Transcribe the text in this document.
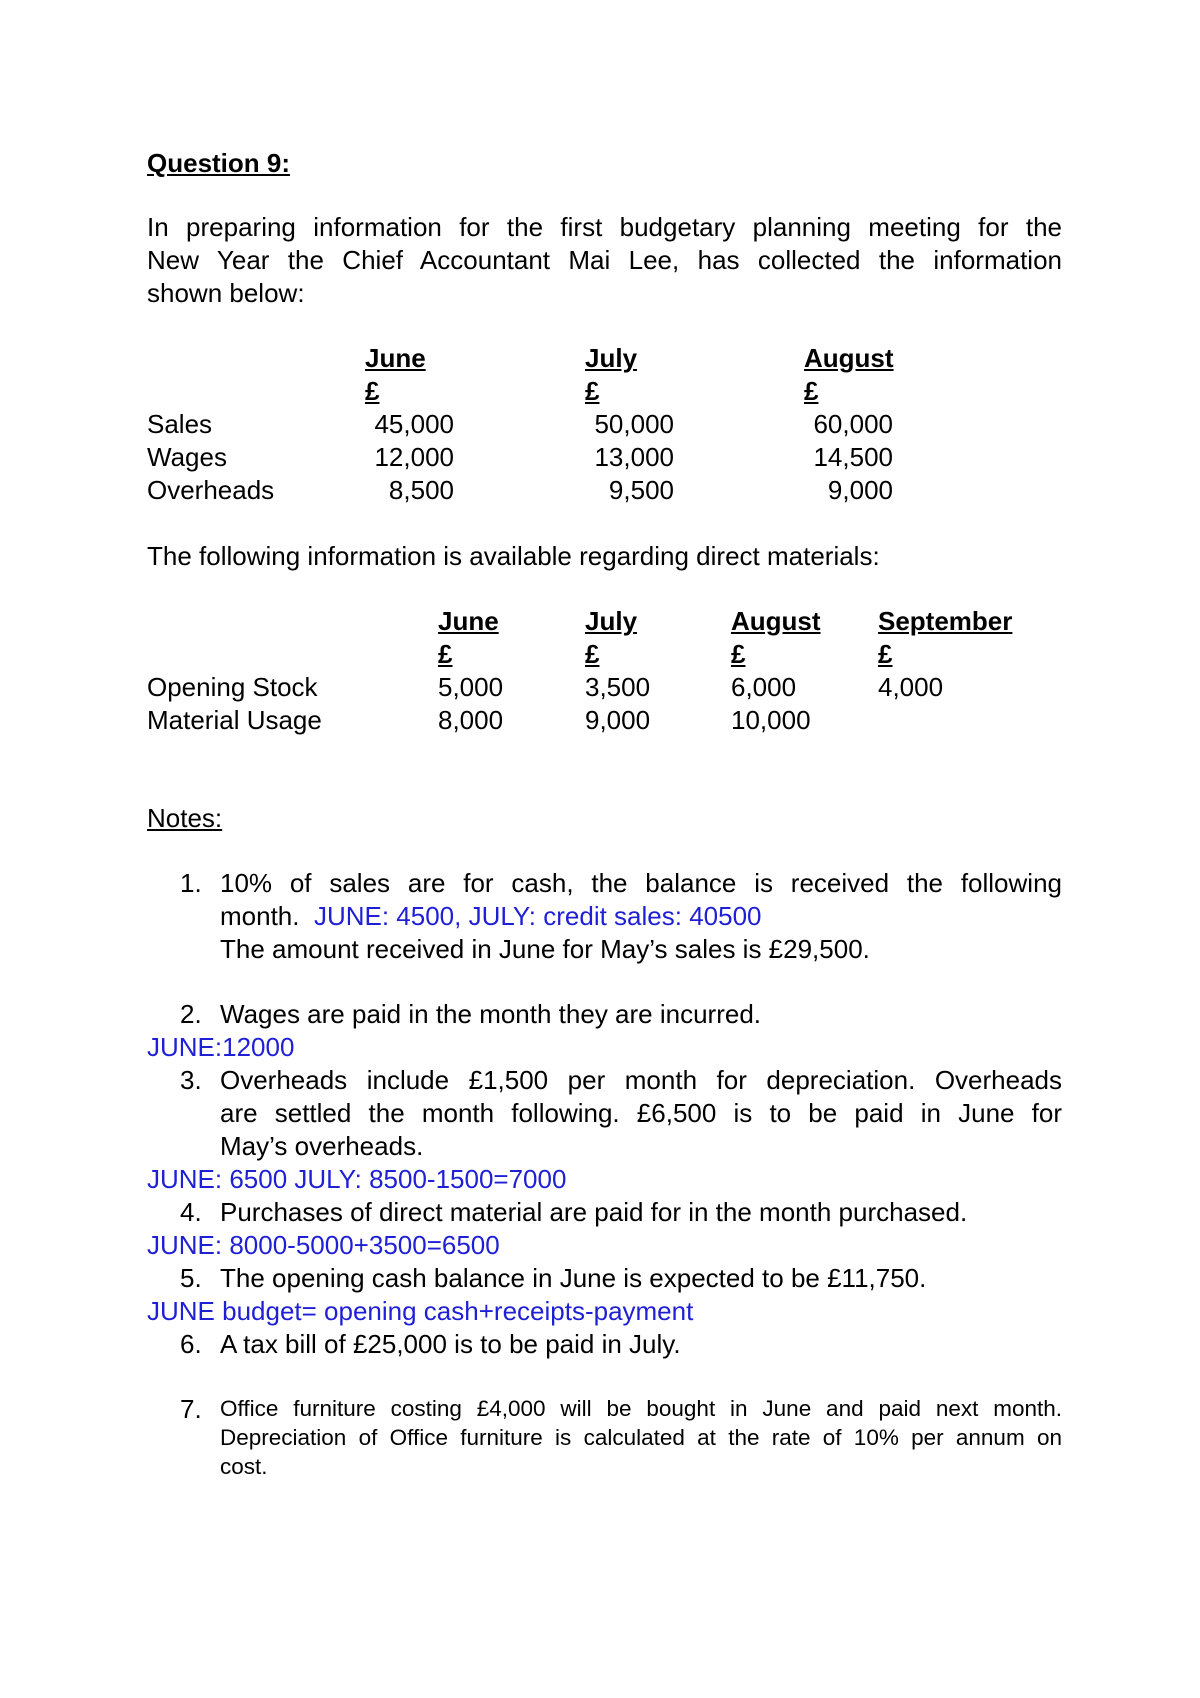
Question 9:
In preparing information for the first budgetary planning meeting for the
New Year the Chief Accountant Mai Lee, has collected the information
shown below:
June	July	August
£	£	£
Sales	45,000	50,000	60,000
Wages	12,000	13,000	14,500
Overheads	8,500	9,500	9,000
The following information is available regarding direct materials:
June	July	August September
£	£	£	£
Opening Stock	5,000	3,500	6,000	4,000
Material Usage	8,000	9,000	10,000
Notes:
1. 10% of sales are for cash, the balance is received the following
month. JUNE: 4500, JULY: credit sales: 40500
The amount received in June for May’s sales is £29,500.
2. Wages are paid in the month they are incurred.
JUNE:12000
3. Overheads include £1,500 per month for depreciation. Overheads
are settled the month following. £6,500 is to be paid in June for
May’s overheads.
JUNE: 6500 JULY: 8500-1500=7000
4. Purchases of direct material are paid for in the month purchased.
JUNE: 8000-5000+3500=6500
5. The opening cash balance in June is expected to be £11,750.
JUNE budget= opening cash+receipts-payment
6. A tax bill of £25,000 is to be paid in July.
7. Office furniture costing £4,000 will be bought in June and paid next month.
Depreciation of Office furniture is calculated at the rate of 10% per annum on
cost.
